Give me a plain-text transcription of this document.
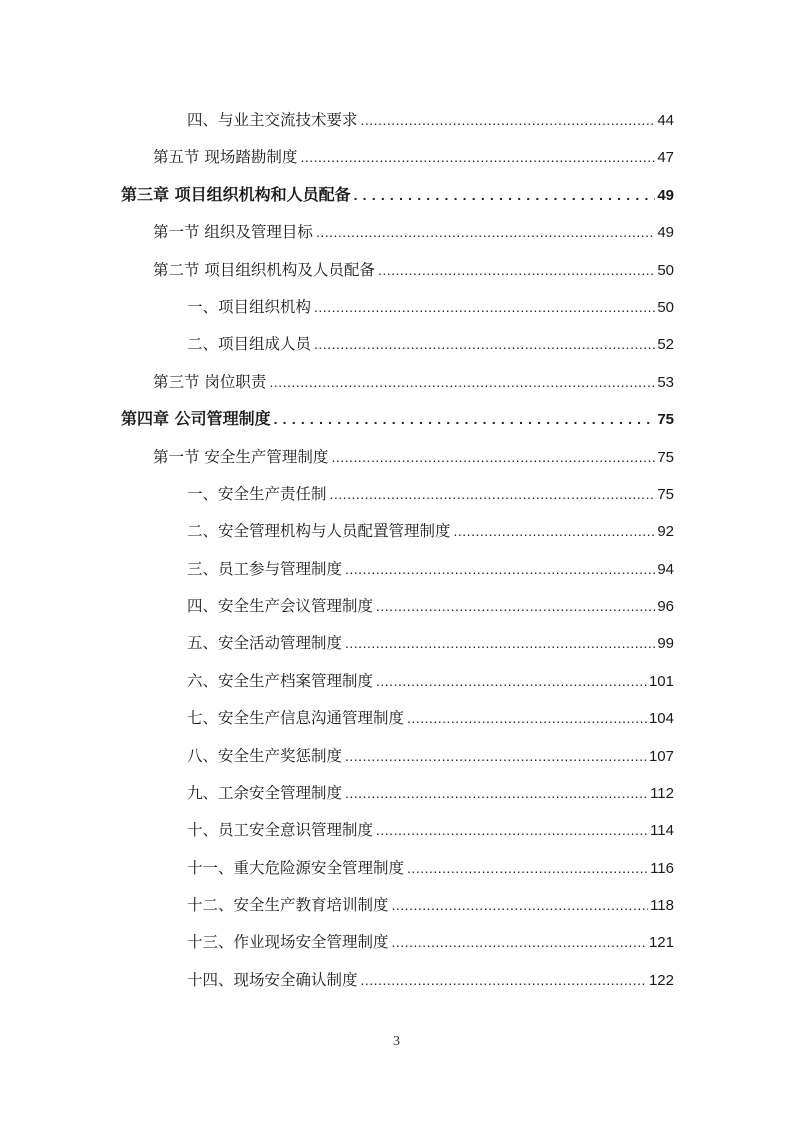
四、与业主交流技术要求 .....	44
第五节 现场踏勘制度 .....	47
第三章 项目组织机构和人员配备 .....	49
第一节 组织及管理目标 .....	49
第二节 项目组织机构及人员配备 .....	50
一、项目组织机构 .....	50
二、项目组成人员 .....	52
第三节 岗位职责 .....	53
第四章 公司管理制度 .....	75
第一节 安全生产管理制度 .....	75
一、安全生产责任制 .....	75
二、安全管理机构与人员配置管理制度 .....	92
三、员工参与管理制度 .....	94
四、安全生产会议管理制度 .....	96
五、安全活动管理制度 .....	99
六、安全生产档案管理制度 .....	101
七、安全生产信息沟通管理制度 .....	104
八、安全生产奖惩制度 .....	107
九、工余安全管理制度 .....	112
十、员工安全意识管理制度 .....	114
十一、重大危险源安全管理制度 .....	116
十二、安全生产教育培训制度 .....	118
十三、作业现场安全管理制度 .....	121
十四、现场安全确认制度 .....	122
3
